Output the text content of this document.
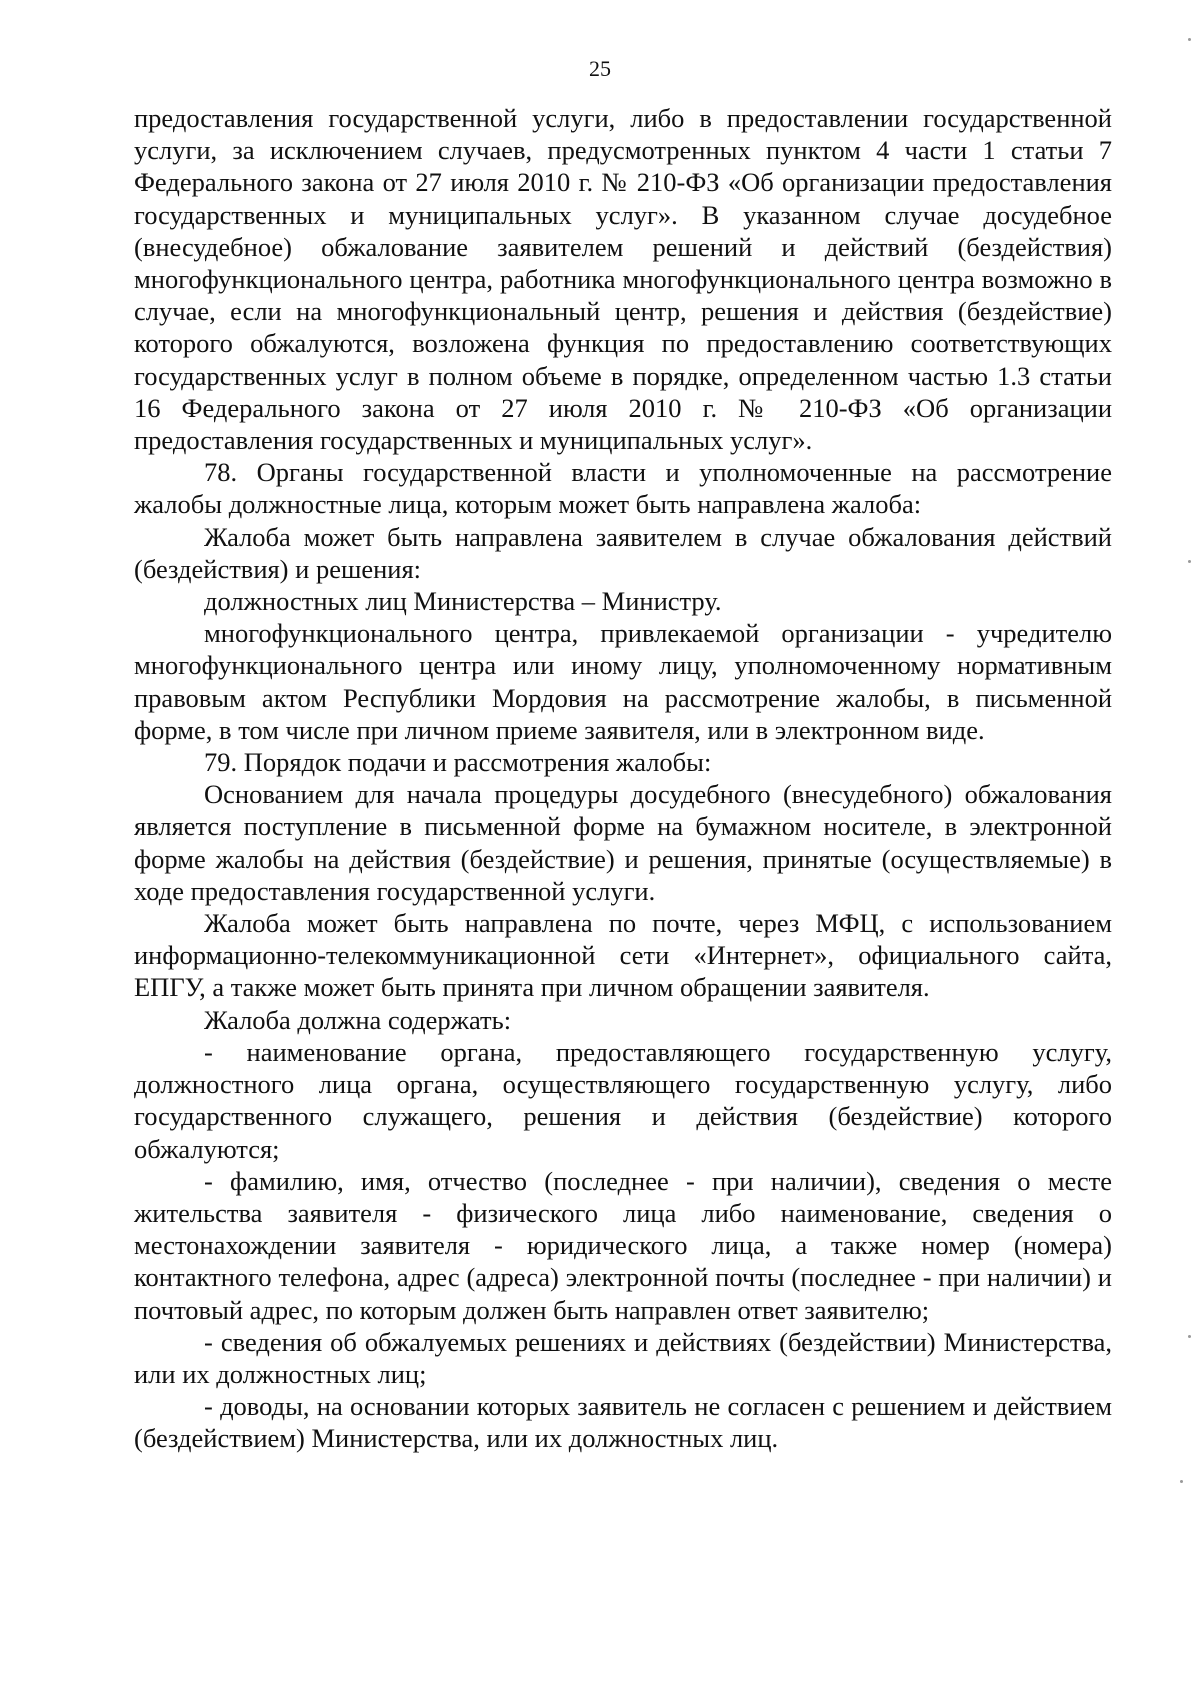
25

предоставления государственной услуги, либо в предоставлении государственной услуги, за исключением случаев, предусмотренных пунктом 4 части 1 статьи 7 Федерального закона от 27 июля 2010 г. № 210-ФЗ «Об организации предоставления государственных и муниципальных услуг». В указанном случае досудебное (внесудебное) обжалование заявителем решений и действий (бездействия) многофункционального центра, работника многофункционального центра возможно в случае, если на многофункциональный центр, решения и действия (бездействие) которого обжалуются, возложена функция по предоставлению соответствующих государственных услуг в полном объеме в порядке, определенном частью 1.3 статьи 16 Федерального закона от 27 июля 2010 г. № 210-ФЗ «Об организации предоставления государственных и муниципальных услуг».

78. Органы государственной власти и уполномоченные на рассмотрение жалобы должностные лица, которым может быть направлена жалоба:

Жалоба может быть направлена заявителем в случае обжалования действий (бездействия) и решения:

должностных лиц Министерства – Министру.

многофункционального центра, привлекаемой организации - учредителю многофункционального центра или иному лицу, уполномоченному нормативным правовым актом Республики Мордовия на рассмотрение жалобы, в письменной форме, в том числе при личном приеме заявителя, или в электронном виде.

79. Порядок подачи и рассмотрения жалобы:

Основанием для начала процедуры досудебного (внесудебного) обжалования является поступление в письменной форме на бумажном носителе, в электронной форме жалобы на действия (бездействие) и решения, принятые (осуществляемые) в ходе предоставления государственной услуги.

Жалоба может быть направлена по почте, через МФЦ, с использованием информационно-телекоммуникационной сети «Интернет», официального сайта, ЕПГУ, а также может быть принята при личном обращении заявителя.

Жалоба должна содержать:

- наименование органа, предоставляющего государственную услугу, должностного лица органа, осуществляющего государственную услугу, либо государственного служащего, решения и действия (бездействие) которого обжалуются;

- фамилию, имя, отчество (последнее - при наличии), сведения о месте жительства заявителя - физического лица либо наименование, сведения о местонахождении заявителя - юридического лица, а также номер (номера) контактного телефона, адрес (адреса) электронной почты (последнее - при наличии) и почтовый адрес, по которым должен быть направлен ответ заявителю;

- сведения об обжалуемых решениях и действиях (бездействии) Министерства, или их должностных лиц;

- доводы, на основании которых заявитель не согласен с решением и действием (бездействием) Министерства, или их должностных лиц.
